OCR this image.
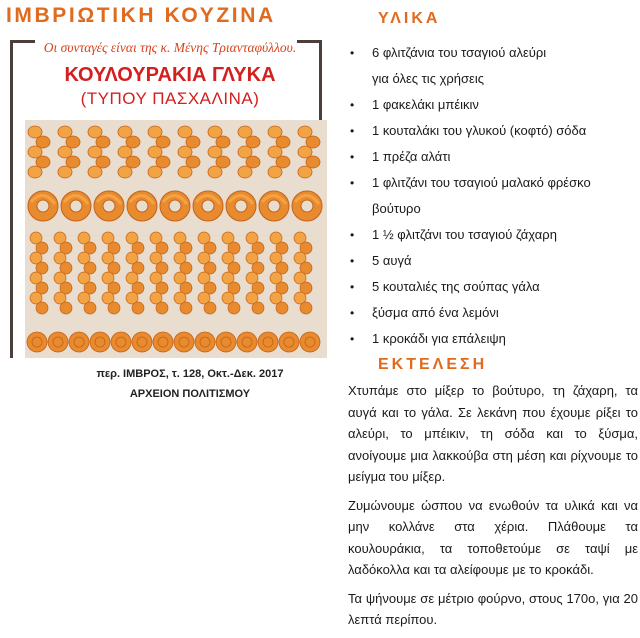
ΙΜΒΡΙΩΤΙΚΗ ΚΟΥΖΙΝΑ
Οι συνταγές είναι της κ. Μένης Τριανταφύλλου.
ΚΟΥΛΟΥΡΑΚΙΑ ΓΛΥΚΑ
(ΤΥΠΟΥ ΠΑΣΧΑΛΙΝΑ)
περ. ΙΜΒΡΟΣ, τ. 128, Οκτ.-Δεκ. 2017
ΑΡΧΕΙΟΝ ΠΟΛΙΤΙΣΜΟΥ
ΥΛΙΚΑ
• 6 φλιτζάνια του τσαγιού αλεύρι
για όλες τις χρήσεις
• 1 φακελάκι μπέικιν
• 1 κουταλάκι του γλυκού (κοφτό) σόδα
• 1 πρέζα αλάτι
• 1 φλιτζάνι του τσαγιού μαλακό φρέσκο
βούτυρο
• 1 ½ φλιτζάνι του τσαγιού ζάχαρη
• 5 αυγά
• 5 κουταλιές της σούπας γάλα
• ξύσμα από ένα λεμόνι
• 1 κροκάδι για επάλειψη
ΕΚΤΕΛΕΣΗ

Χτυπάμε στο μίξερ το βούτυρο, τη ζάχαρη, τα αυγά και το γάλα. Σε λεκάνη που έχουμε ρίξει το αλεύρι, το μπέικιν, τη σόδα και το ξύσμα, ανοίγουμε μια λακκούβα στη μέση και ρίχνουμε το μείγμα του μίξερ.

Ζυμώνουμε ώσπου να ενωθούν τα υλικά και να μην κολλάνε στα χέρια. Πλάθουμε τα κουλουράκια, τα τοποθετούμε σε ταψί με λαδόκολλα και τα αλείφουμε με το κροκάδι.

Τα ψήνουμε σε μέτριο φούρνο, στους 170ο, για 20 λεπτά περίπου.
